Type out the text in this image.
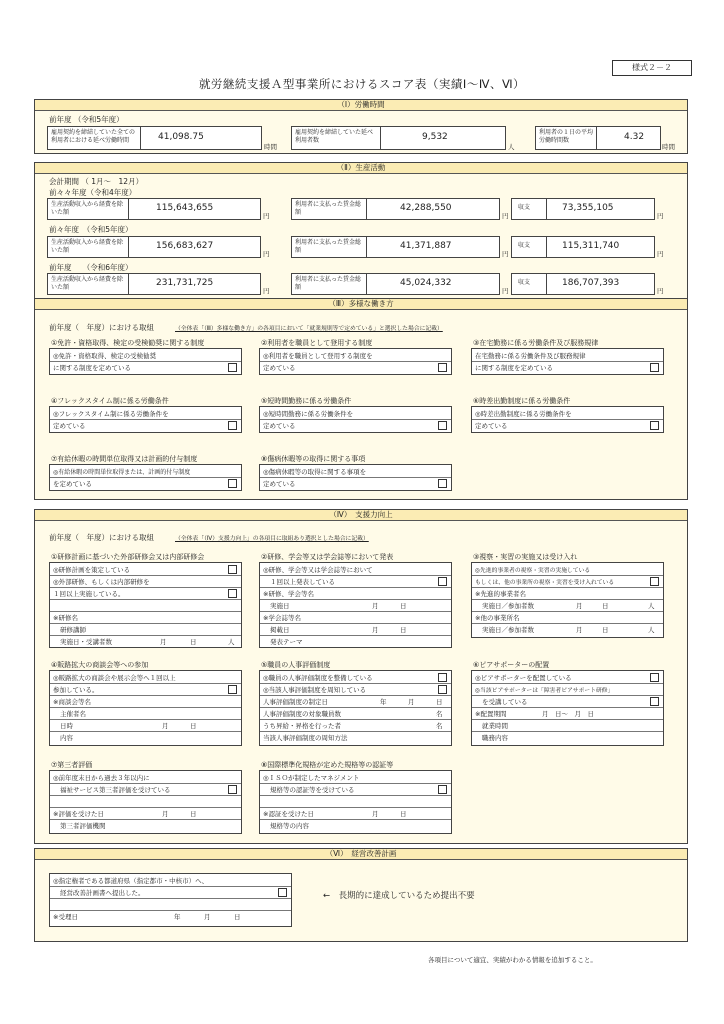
様式２－２
就労継続支援Ａ型事業所におけるスコア表（実績Ⅰ～Ⅳ、Ⅵ）
（Ⅰ）労働時間
前年度 （令和5年度）
雇用契約を締結していた全ての利用者における延べ労働時間	41,098.75
時間
雇用契約を締結していた延べ利用者数	9,532
人
利用者の１日の平均労働時間数	4.32
時間
（Ⅱ）生産活動
会計期間 （ 1月～　12月）
前々々年度（令和4年度）
生産活動収入から経費を除いた額	115,643,655
円
利用者に支払った賃金総額	42,288,550
円
収支	73,355,105
円
前々年度　（令和5年度）
生産活動収入から経費を除いた額	156,683,627
円
利用者に支払った賃金総額	41,371,887
円
収支	115,311,740
円
前年度　　（令和6年度）
生産活動収入から経費を除いた額	231,731,725
円
利用者に支払った賃金総額	45,024,332
円
収支	186,707,393
円
（Ⅲ）多様な働き方
前年度（　年度）における取組	（全体表「（Ⅲ）多様な働き方」の各項目において「就業規則等で定めている」と選択した場合に記載）
①免許・資格取得、検定の受検勧奨に関する制度
◎免許・資格取得、検定の受検勧奨
に関する制度を定めている
②利用者を職員として登用する制度
◎利用者を職員として登用する制度を
定めている
③在宅勤務に係る労働条件及び服務規律
在宅勤務に係る労働条件及び服務規律
に関する制度を定めている
④フレックスタイム制に係る労働条件
◎フレックスタイム制に係る労働条件を
定めている
⑤短時間勤務に係る労働条件
◎短時間勤務に係る労働条件を
定めている
⑥時差出勤制度に係る労働条件
◎時差出勤制度に係る労働条件を
定めている
⑦有給休暇の時間単位取得又は計画的付与制度
◎有給休暇の時間単位取得または、計画的付与制度
を定めている
⑧傷病休暇等の取得に関する事項
◎傷病休暇等の取得に関する事項を
定めている
（Ⅳ）　支援力向上
前年度（　年度）における取組	（全体表「（Ⅳ）支援力向上」の各項目に取組あり選択とした場合に記載）
①研修計画に基づいた外部研修会又は内部研修会
◎研修計画を策定している
◎外部研修、もしくは内部研修を
１回以上実施している。
※研修名
研修講師
実施日・受講者数	月	日	人
②研修、学会等又は学会誌等において発表
◎研修、学会等又は学会誌等において
１回以上発表している
※研修、学会等名
実施日	月	日
※学会誌等名
掲載日	月	日
発表テーマ
③視察・実習の実施又は受け入れ
◎先進的事業者の視察・実習の実施している
もしくは、他の事業所の視察・実習を受け入れている
※先進的事業者名
実施日／参加者数	月	日	人
※他の事業所名
実施日／参加者数	月	日	人
④販路拡大の商談会等への参加
◎販路拡大の商談会や展示会等へ１回以上
参加している。
※商談会等名
主催者名
日時	月	日
内容
⑤職員の人事評価制度
◎職員の人事評価制度を整備している
◎当該人事評価制度を周知している
人事評価制度の制定日	年	月	日
人事評価制度の対象職員数	名
うち昇給・昇格を行った者	名
当該人事評価制度の周知方法
⑥ピアサポーターの配置
◎ピアサポーターを配置している
◎当該ピアサポーターは「障害者ピアサポート研修」
を受講している
※配置期間	月　日～　月　日
就業時間
職務内容
⑦第三者評価
◎前年度末日から過去３年以内に
福祉サービス第三者評価を受けている
※評価を受けた日	月	日
第三者評価機関
⑧国際標準化規格が定めた規格等の認証等
◎ＩＳＯが制定したマネジメント
規格等の認証等を受けている
※認証を受けた日	月	日
規格等の内容
（Ⅵ）　経営改善計画
◎指定権者である都道府県（指定都市・中核市）へ、
経営改善計画書へ提出した。
※受理日	年	月	日
←　長期的に達成しているため提出不要
各項目について適宜、実績がわかる情報を追加すること。
